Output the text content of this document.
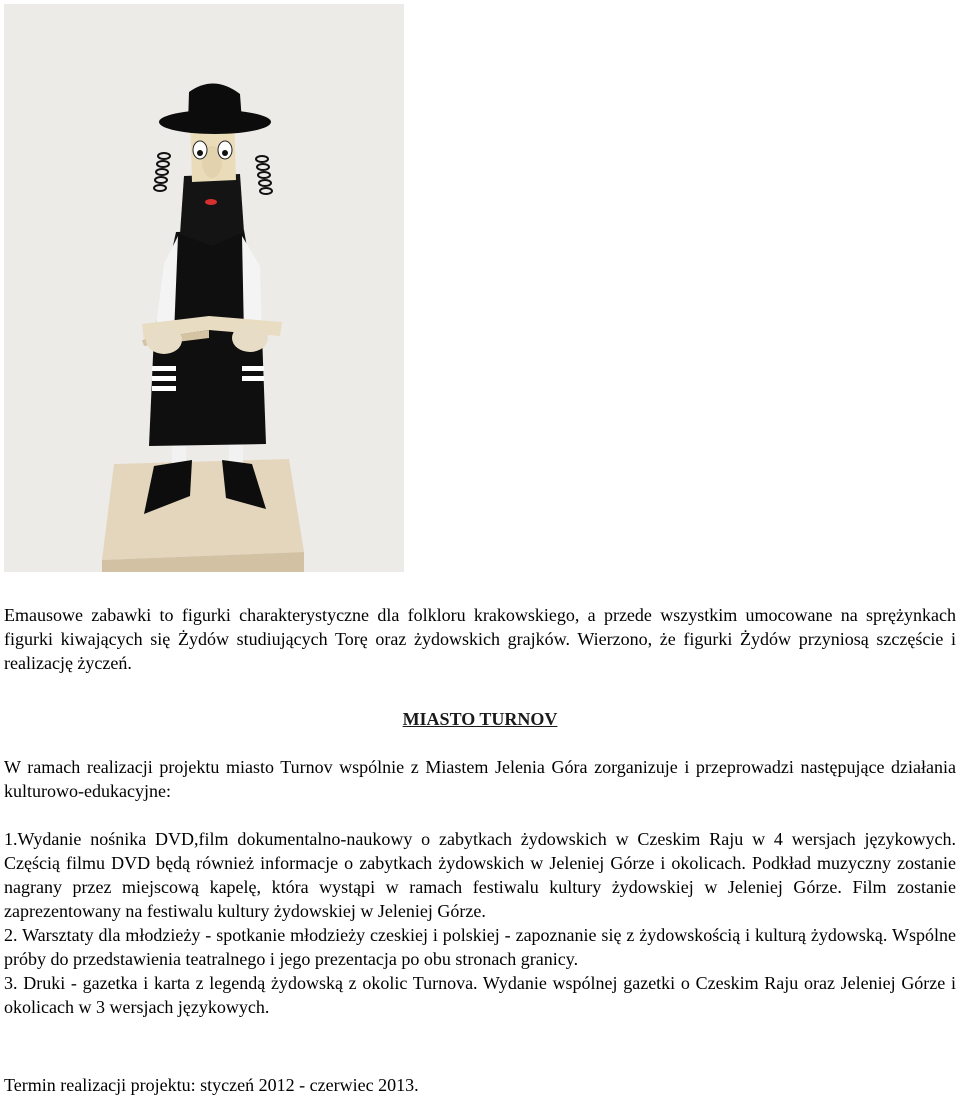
Emausowe zabawki to figurki charakterystyczne dla folkloru krakowskiego, a przede wszystkim umocowane na sprężynkach figurki kiwających się Żydów studiujących Torę oraz żydowskich grajków. Wierzono, że figurki Żydów przyniosą szczęście i realizację życzeń.
MIASTO TURNOV
W ramach realizacji projektu miasto Turnov wspólnie z Miastem Jelenia Góra zorganizuje i przeprowadzi następujące działania kulturowo-edukacyjne:
1.Wydanie nośnika DVD,film dokumentalno-naukowy o zabytkach żydowskich w Czeskim Raju w 4 wersjach językowych. Częścią filmu DVD będą również informacje o zabytkach żydowskich w Jeleniej Górze i okolicach. Podkład muzyczny zostanie nagrany przez miejscową kapelę, która wystąpi w ramach festiwalu kultury żydowskiej w Jeleniej Górze. Film zostanie zaprezentowany na festiwalu kultury żydowskiej w Jeleniej Górze.
2. Warsztaty dla młodzieży - spotkanie młodzieży czeskiej i polskiej - zapoznanie się z żydowskością i kulturą żydowską. Wspólne próby do przedstawienia teatralnego i jego prezentacja po obu stronach granicy.
3. Druki - gazetka i karta z legendą żydowską z okolic Turnova. Wydanie wspólnej gazetki o Czeskim Raju oraz Jeleniej Górze i okolicach w 3 wersjach językowych.
Termin realizacji projektu: styczeń 2012 - czerwiec 2013.
